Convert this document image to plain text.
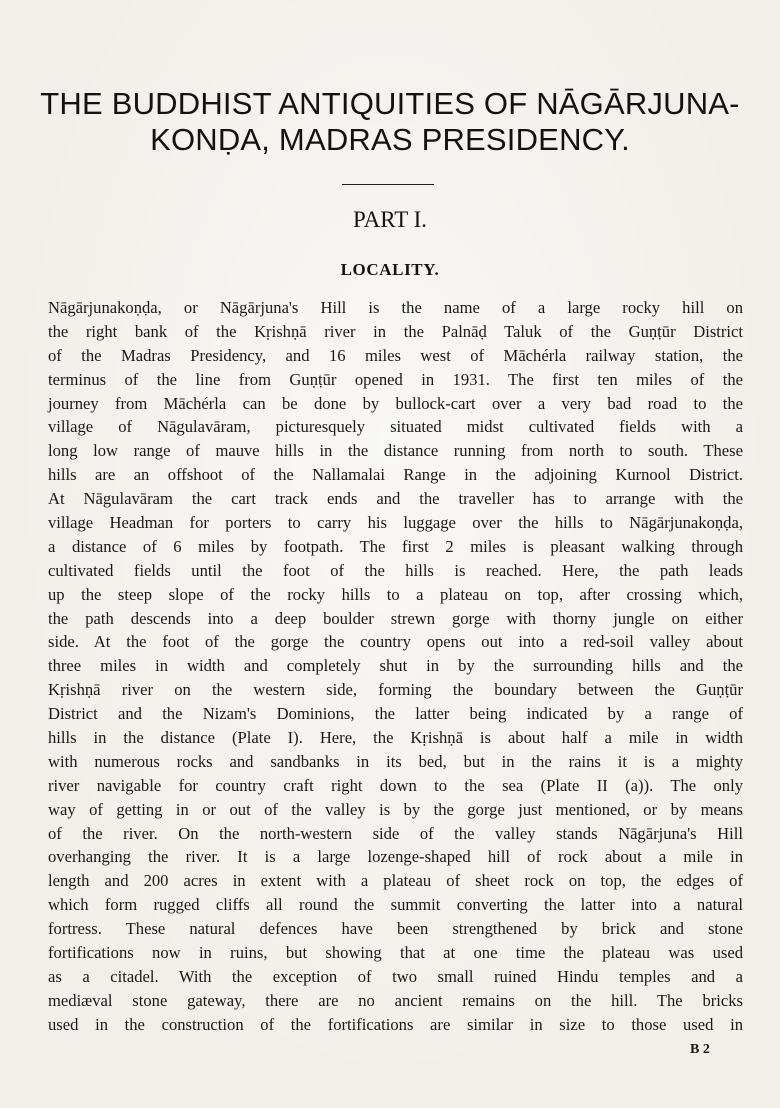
THE BUDDHIST ANTIQUITIES OF NĀGĀRJUNA-
KONḌA, MADRAS PRESIDENCY.
PART I.
LOCALITY.
Nāgārjunakoṇḍa, or Nāgārjuna's Hill is the name of a large rocky hill on
the right bank of the Kṛishṇā river in the Palnāḍ Taluk of the Guṇṭūr District
of the Madras Presidency, and 16 miles west of Māchérla railway station, the
terminus of the line from Guṇṭūr opened in 1931. The first ten miles of the
journey from Māchérla can be done by bullock-cart over a very bad road to the
village of Nāgulavāram, picturesquely situated midst cultivated fields with a
long low range of mauve hills in the distance running from north to south. These
hills are an offshoot of the Nallamalai Range in the adjoining Kurnool District.
At Nāgulavāram the cart track ends and the traveller has to arrange with the
village Headman for porters to carry his luggage over the hills to Nāgārjunakoṇḍa,
a distance of 6 miles by footpath. The first 2 miles is pleasant walking through
cultivated fields until the foot of the hills is reached. Here, the path leads
up the steep slope of the rocky hills to a plateau on top, after crossing which,
the path descends into a deep boulder strewn gorge with thorny jungle on either
side. At the foot of the gorge the country opens out into a red-soil valley about
three miles in width and completely shut in by the surrounding hills and the
Kṛishṇā river on the western side, forming the boundary between the Guṇṭūr
District and the Nizam's Dominions, the latter being indicated by a range of
hills in the distance (Plate I). Here, the Kṛishṇā is about half a mile in width
with numerous rocks and sandbanks in its bed, but in the rains it is a mighty
river navigable for country craft right down to the sea (Plate II (a)). The only
way of getting in or out of the valley is by the gorge just mentioned, or by means
of the river. On the north-western side of the valley stands Nāgārjuna's Hill
overhanging the river. It is a large lozenge-shaped hill of rock about a mile in
length and 200 acres in extent with a plateau of sheet rock on top, the edges of
which form rugged cliffs all round the summit converting the latter into a natural
fortress. These natural defences have been strengthened by brick and stone
fortifications now in ruins, but showing that at one time the plateau was used
as a citadel. With the exception of two small ruined Hindu temples and a
mediæval stone gateway, there are no ancient remains on the hill. The bricks
used in the construction of the fortifications are similar in size to those used in
B 2
